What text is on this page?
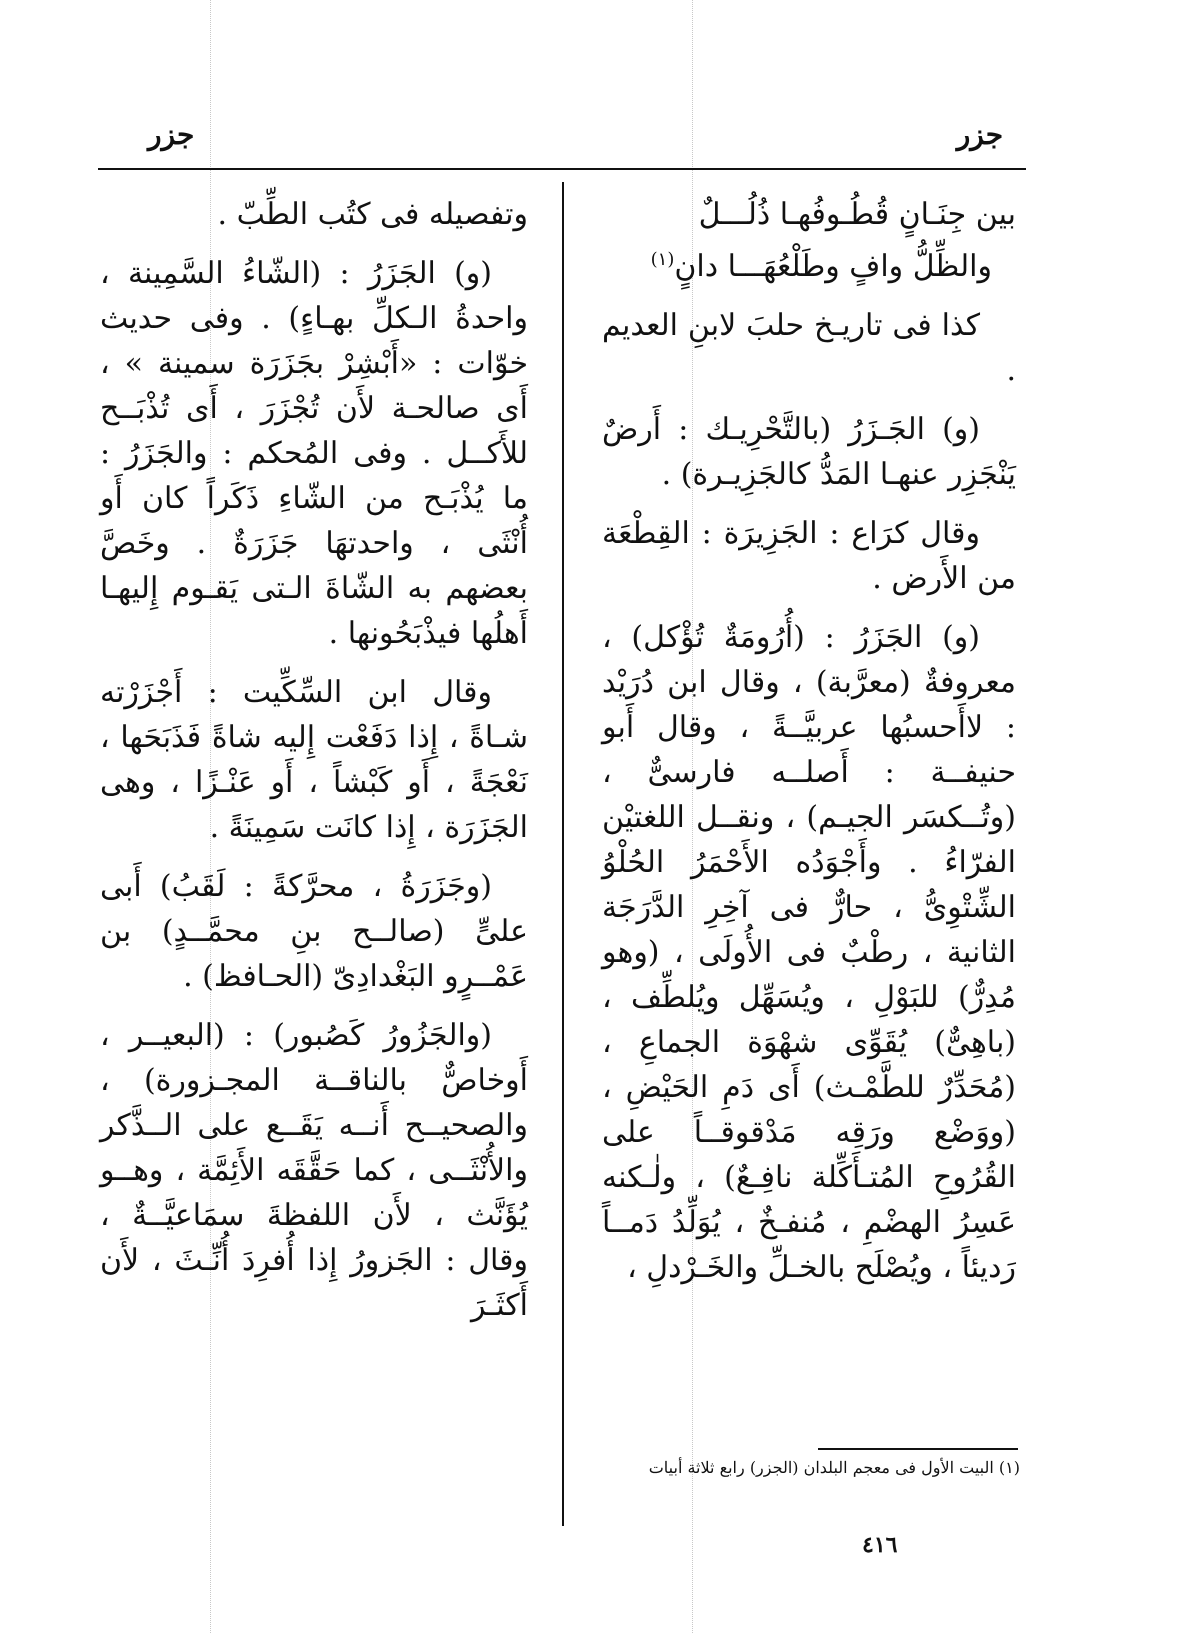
جزر
جزر
بين جِنَـانٍ قُطُـوفُهـا ذُلُـــلٌ
والظِّلُّ وافٍ وطَلْعُهَـــا دانٍ$^{(١)}$

كذا فى تاريـخ حلبَ لابنِ العديم .

(و) الجَـزَرُ (بالتَّحْرِيـك : أَرضٌ يَنْجَزِر عنهـا المَدُّ كالجَزِيـرة) .

وقال كرَاع : الجَزِيرَة : القِطْعَة من الأَرض .

(و) الجَزَرُ : (أُرُومَةٌ تُؤْكل) ، معروفةٌ (معرَّبة) ، وقال ابن دُرَيْد : لاأَحسبُها عربيَّــةً ، وقال أَبو حنيفــة : أَصلــه فارسىٌّ ، (وتُــكسَر الجيـم) ، ونقــل اللغتيْن الفرّاءُ . وأَجْوَدُه الأَحْمَرُ الحُلْوُ الشِّتْوِىُّ ، حارٌّ فى آخِرِ الدَّرَجَة الثانية ، رطْبٌ فى الأُولَى ، (وهو مُدِرٌّ) للبَوْلِ ، ويُسَهِّل ويُلطِّف ، (باهِىٌّ) يُقَوِّى شهْوَة الجماعِ ، (مُحَدِّرٌ للطَّمْـث) أَى دَمِ الحَيْضِ ، (ووَضْع ورَقِه مَدْقوقــاً على القُرُوحِ المُتـأَكِّلة نافِـعٌ) ، ولٰـكنه عَسِرُ الهضْمِ ، مُنفـخٌ ، يُوَلِّدُ دَمــاً رَديئاً ، ويُصْلَح بالخـلِّ والخَـرْدلِ ،

وتفصيله فى كتُب الطِّبّ .

(و) الجَزَرُ : (الشّاءُ السَّمِينة ، واحدةُ الـكلِّ بهـاءٍ) . وفى حديث خوّات : «أَبْشِرْ بجَزَرَة سمينة » ، أَى صالحـة لأَن تُجْزَرَ ، أَى تُذْبَــح للأَكــل . وفى المُحكم : والجَزَرُ : ما يُذْبَـح من الشّاءِ ذَكَراً كان أَو أُنْثَى ، واحدتهَا جَزَرَةٌ . وخَصَّ بعضهم به الشّاةَ الـتى يَقـوم إِليهـا أَهلُها فيذْبَحُونها .

وقال ابن السِّكِّيت : أَجْزَرْته شـاةً ، إِذا دَفَعْت إِليه شاةً فَذَبَحَها ، نَعْجَةً ، أَو كَبْشاً ، أَو عَنْـزًا ، وهى الجَزَرَة ، إِذا كانَت سَمِينَةً .

(وجَزَرَةُ ، محرَّكةً : لَقَبُ) أَبى علىٍّ (صالــح بنِ محمَّــدٍ) بن عَمْــرٍو البَغْدادِىّ (الحـافظ) .

(والجَزُورُ كَصُبور) : (البعيــر ، أَوخاصٌّ بالناقــة المجـزورة) ، والصحيــح أَنــه يَقَــع على الــذَّكر والأُنْثَــى ، كما حَقَّقَه الأَئِمَّة ، وهــو يُؤَنَّث ، لأَن اللفظةَ سمَاعيَّــةٌ ، وقال : الجَزورُ إِذا أُفرِدَ أُنِّـثَ ، لأَن أَكثَـرَ

(١) البيت الأول فى معجم البلدان (الجزر) رابع ثلاثة أبيات
٤١٦
